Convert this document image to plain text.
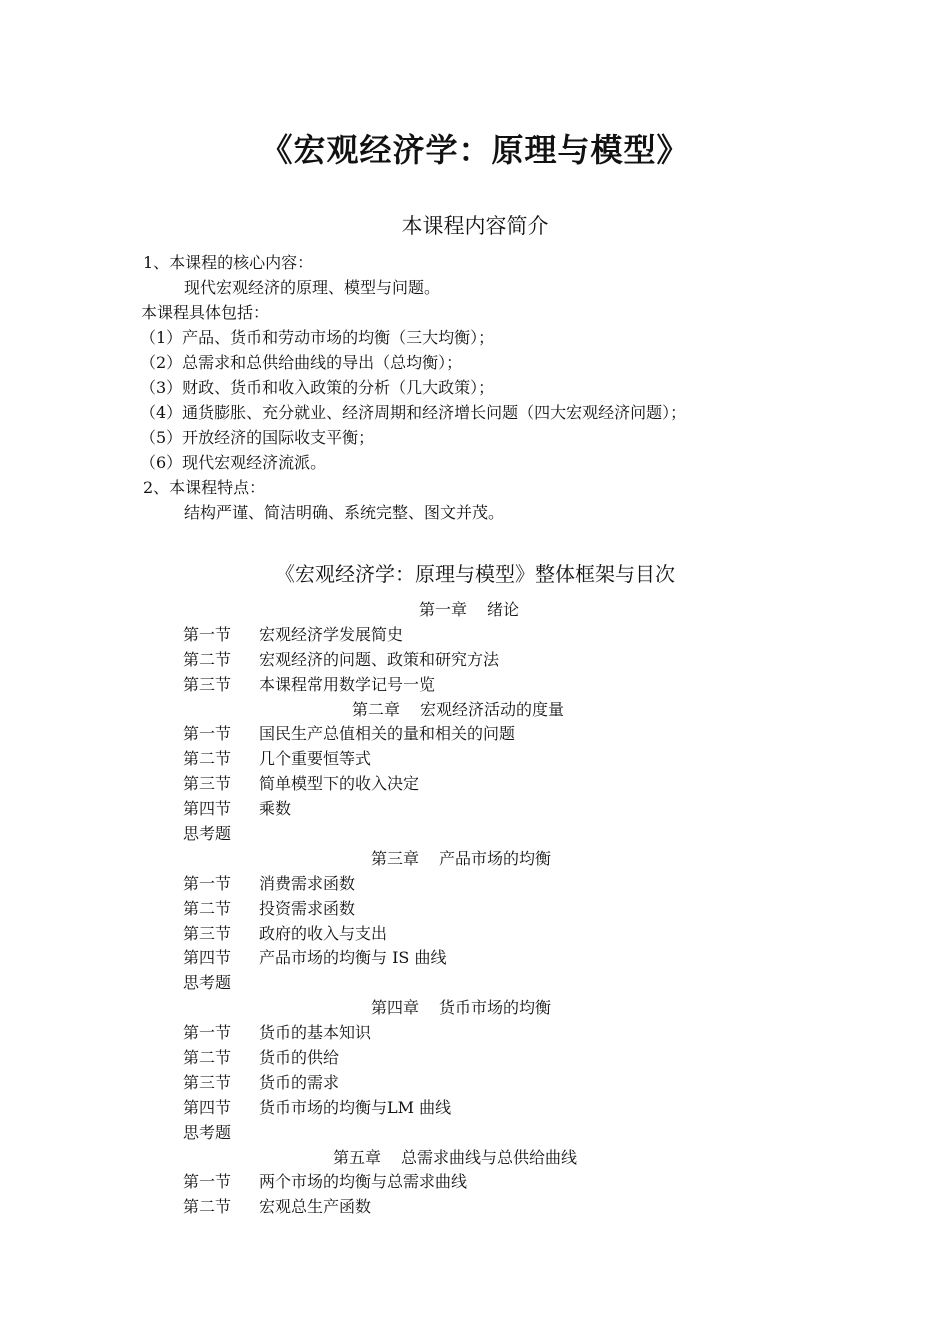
《宏观经济学：原理与模型》
本课程内容简介
1、本课程的核心内容：
现代宏观经济的原理、模型与问题。
本课程具体包括：
（1）产品、货币和劳动市场的均衡（三大均衡）；
（2）总需求和总供给曲线的导出（总均衡）；
（3）财政、货币和收入政策的分析（几大政策）；
（4）通货膨胀、充分就业、经济周期和经济增长问题（四大宏观经济问题）；
（5）开放经济的国际收支平衡；
（6）现代宏观经济流派。
2、本课程特点：
结构严谨、简洁明确、系统完整、图文并茂。
《宏观经济学：原理与模型》整体框架与目次
第一章 绪论
第一节 宏观经济学发展简史
第二节 宏观经济的问题、政策和研究方法
第三节 本课程常用数学记号一览
第二章 宏观经济活动的度量
第一节 国民生产总值相关的量和相关的问题
第二节 几个重要恒等式
第三节 简单模型下的收入决定
第四节 乘数
思考题
第三章 产品市场的均衡
第一节 消费需求函数
第二节 投资需求函数
第三节 政府的收入与支出
第四节 产品市场的均衡与 IS 曲线
思考题
第四章 货币市场的均衡
第一节 货币的基本知识
第二节 货币的供给
第三节 货币的需求
第四节 货币市场的均衡与LM 曲线
思考题
第五章 总需求曲线与总供给曲线
第一节 两个市场的均衡与总需求曲线
第二节 宏观总生产函数
